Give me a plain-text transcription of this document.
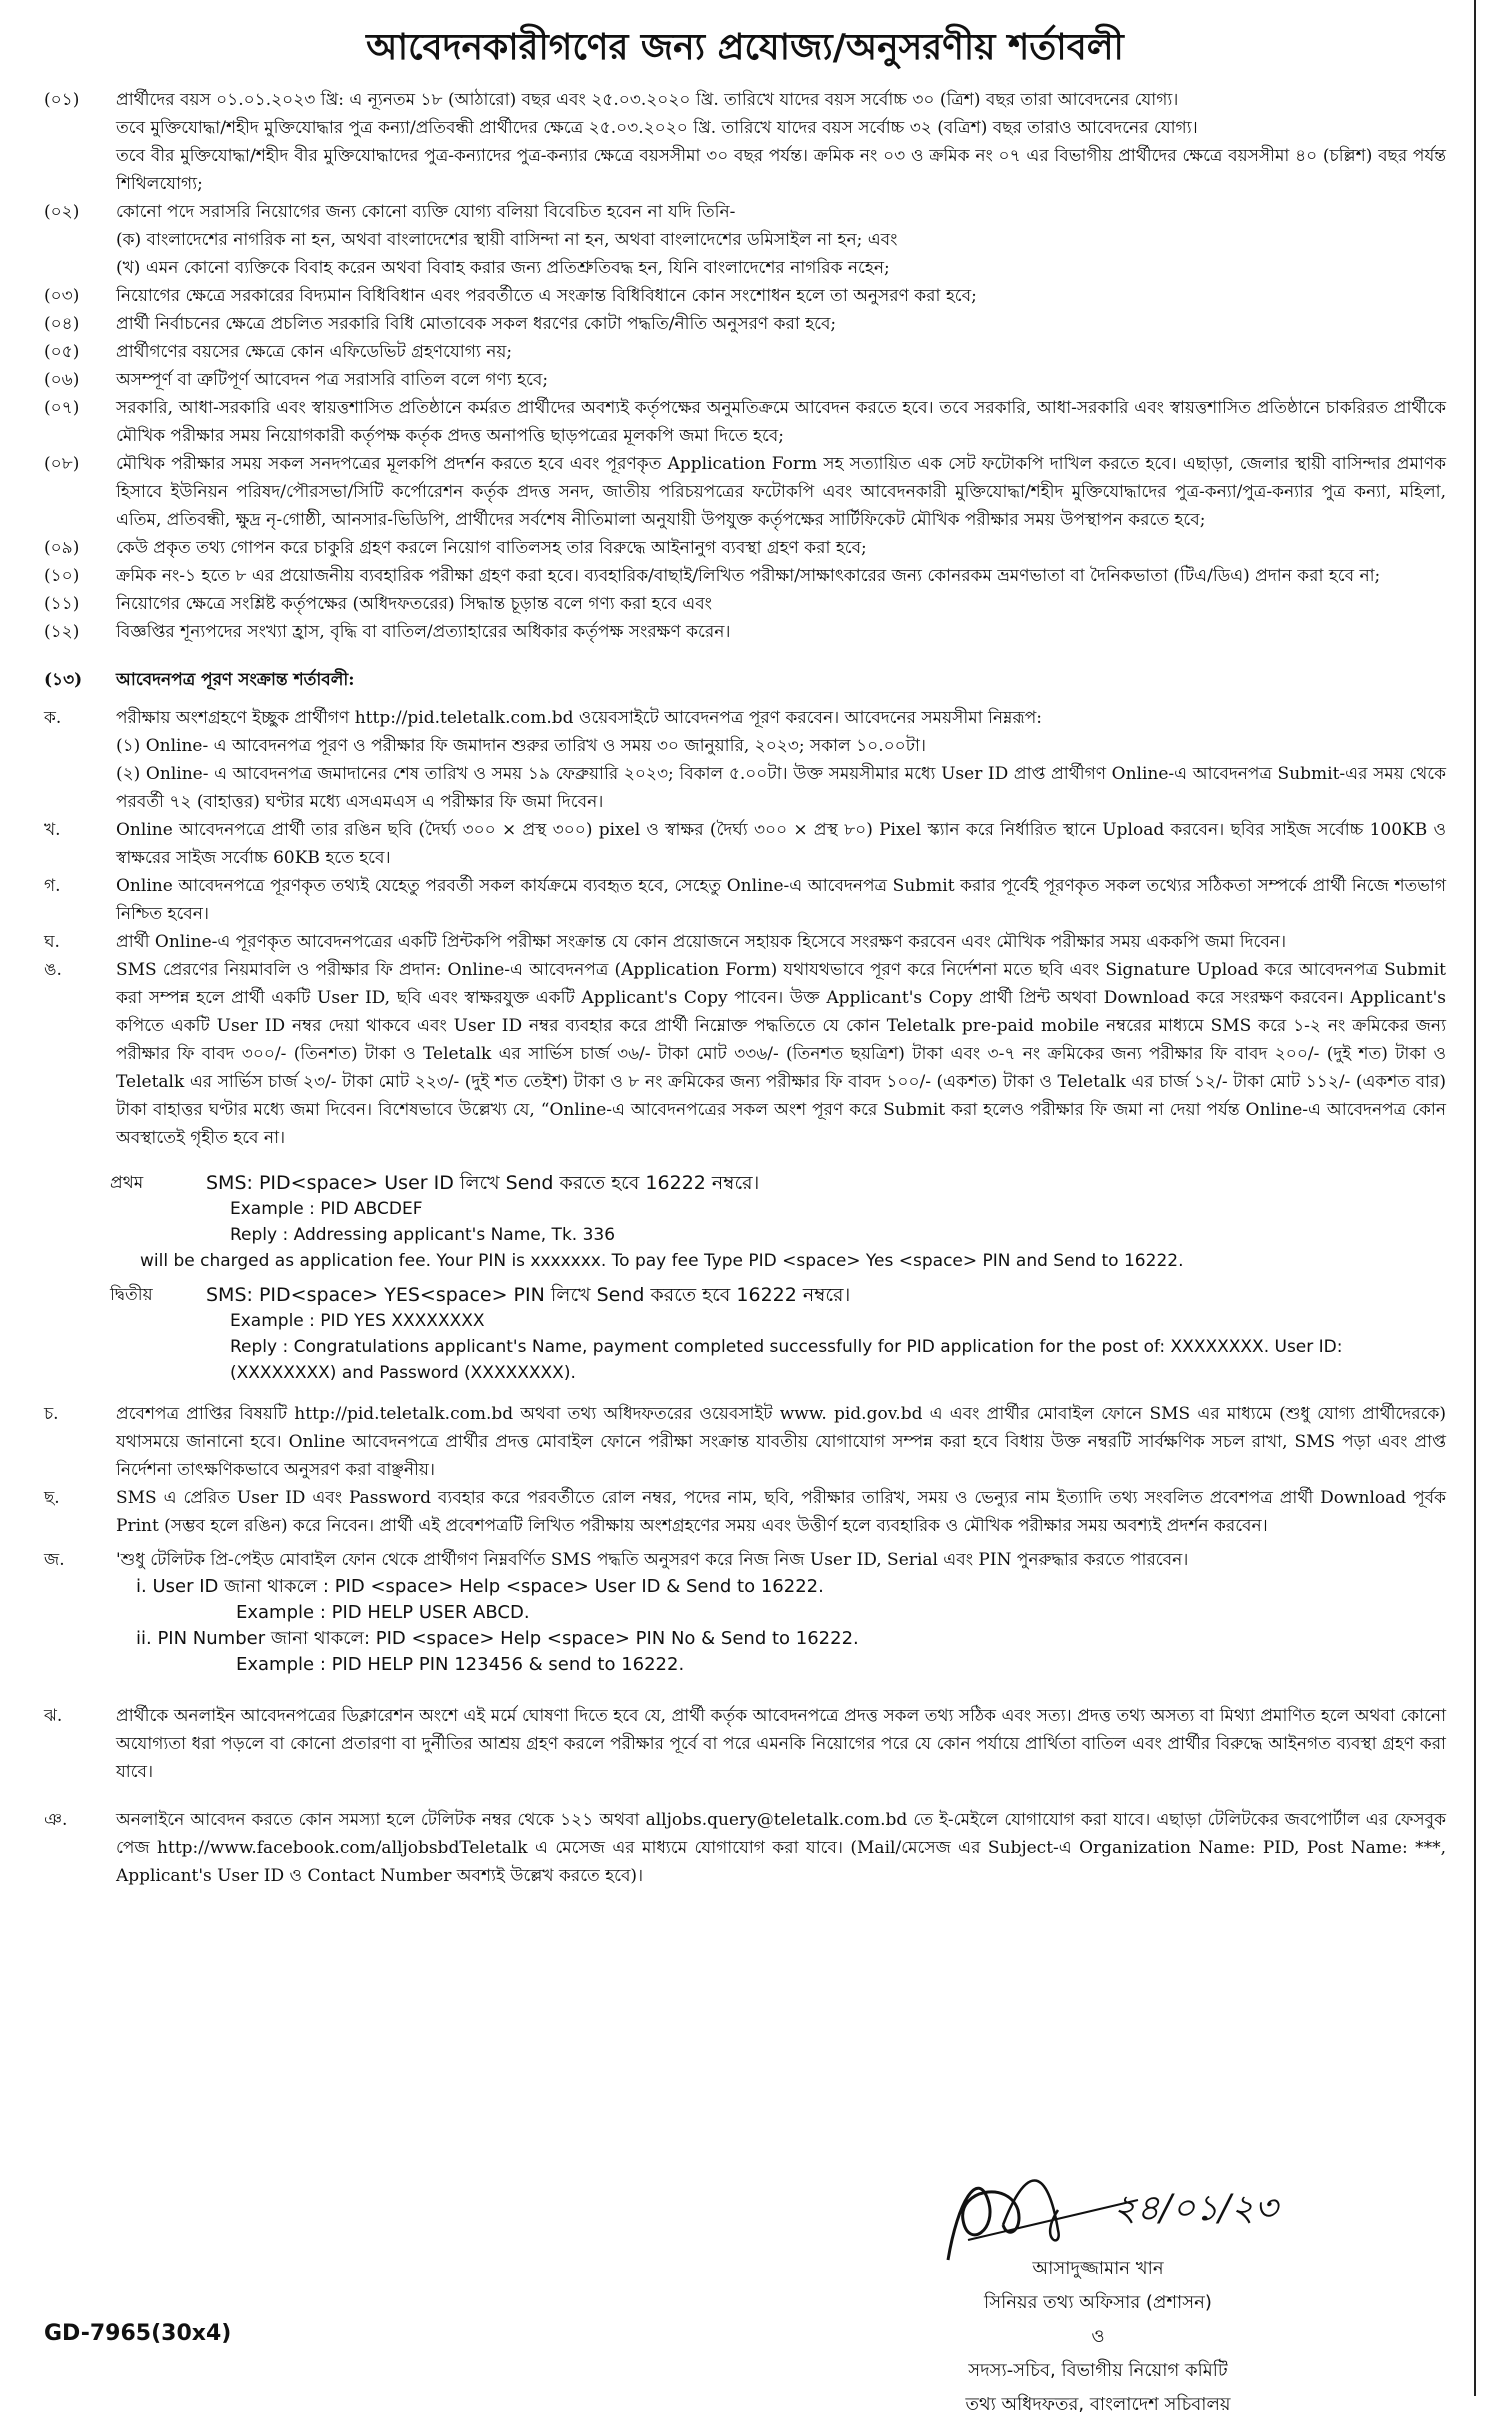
আবেদনকারীগণের জন্য প্রযোজ্য/অনুসরণীয় শর্তাবলী
(০১)	প্রার্থীদের বয়স ০১.০১.২০২৩ খ্রি: এ ন্যূনতম ১৮ (আঠারো) বছর এবং ২৫.০৩.২০২০ খ্রি. তারিখে যাদের বয়স সর্বোচ্চ ৩০ (ত্রিশ) বছর তারা আবেদনের যোগ্য।
তবে মুক্তিযোদ্ধা/শহীদ মুক্তিযোদ্ধার পুত্র কন্যা/প্রতিবন্ধী প্রার্থীদের ক্ষেত্রে ২৫.০৩.২০২০ খ্রি. তারিখে যাদের বয়স সর্বোচ্চ ৩২ (বত্রিশ) বছর তারাও আবেদনের যোগ্য।
তবে বীর মুক্তিযোদ্ধা/শহীদ বীর মুক্তিযোদ্ধাদের পুত্র-কন্যাদের পুত্র-কন্যার ক্ষেত্রে বয়সসীমা ৩০ বছর পর্যন্ত। ক্রমিক নং ০৩ ও ক্রমিক নং ০৭ এর বিভাগীয় প্রার্থীদের ক্ষেত্রে বয়সসীমা ৪০ (চল্লিশ) বছর পর্যন্ত শিথিলযোগ্য;
(০২)	কোনো পদে সরাসরি নিয়োগের জন্য কোনো ব্যক্তি যোগ্য বলিয়া বিবেচিত হবেন না যদি তিনি-
(ক) বাংলাদেশের নাগরিক না হন, অথবা বাংলাদেশের স্থায়ী বাসিন্দা না হন, অথবা বাংলাদেশের ডমিসাইল না হন; এবং
(খ) এমন কোনো ব্যক্তিকে বিবাহ করেন অথবা বিবাহ করার জন্য প্রতিশ্রুতিবদ্ধ হন, যিনি বাংলাদেশের নাগরিক নহেন;
(০৩)	নিয়োগের ক্ষেত্রে সরকারের বিদ্যমান বিধিবিধান এবং পরবর্তীতে এ সংক্রান্ত বিধিবিধানে কোন সংশোধন হলে তা অনুসরণ করা হবে;
(০৪)	প্রার্থী নির্বাচনের ক্ষেত্রে প্রচলিত সরকারি বিধি মোতাবেক সকল ধরণের কোটা পদ্ধতি/নীতি অনুসরণ করা হবে;
(০৫)	প্রার্থীগণের বয়সের ক্ষেত্রে কোন এফিডেভিট গ্রহণযোগ্য নয়;
(০৬)	অসম্পূর্ণ বা ত্রুটিপূর্ণ আবেদন পত্র সরাসরি বাতিল বলে গণ্য হবে;
(০৭)	সরকারি, আধা-সরকারি এবং স্বায়ত্তশাসিত প্রতিষ্ঠানে কর্মরত প্রার্থীদের অবশ্যই কর্তৃপক্ষের অনুমতিক্রমে আবেদন করতে হবে। তবে সরকারি, আধা-সরকারি এবং স্বায়ত্তশাসিত প্রতিষ্ঠানে চাকরিরত প্রার্থীকে মৌখিক পরীক্ষার সময় নিয়োগকারী কর্তৃপক্ষ কর্তৃক প্রদত্ত অনাপত্তি ছাড়পত্রের মূলকপি জমা দিতে হবে;
(০৮)	মৌখিক পরীক্ষার সময় সকল সনদপত্রের মূলকপি প্রদর্শন করতে হবে এবং পূরণকৃত Application Form সহ সত্যায়িত এক সেট ফটোকপি দাখিল করতে হবে। এছাড়া, জেলার স্থায়ী বাসিন্দার প্রমাণক হিসাবে ইউনিয়ন পরিষদ/পৌরসভা/সিটি কর্পোরেশন কর্তৃক প্রদত্ত সনদ, জাতীয় পরিচয়পত্রের ফটোকপি এবং আবেদনকারী মুক্তিযোদ্ধা/শহীদ মুক্তিযোদ্ধাদের পুত্র-কন্যা/পুত্র-কন্যার পুত্র কন্যা, মহিলা, এতিম, প্রতিবন্ধী, ক্ষুদ্র নৃ-গোষ্ঠী, আনসার-ভিডিপি, প্রার্থীদের সর্বশেষ নীতিমালা অনুযায়ী উপযুক্ত কর্তৃপক্ষের সার্টিফিকেট মৌখিক পরীক্ষার সময় উপস্থাপন করতে হবে;
(০৯)	কেউ প্রকৃত তথ্য গোপন করে চাকুরি গ্রহণ করলে নিয়োগ বাতিলসহ তার বিরুদ্ধে আইনানুগ ব্যবস্থা গ্রহণ করা হবে;
(১০)	ক্রমিক নং-১ হতে ৮ এর প্রয়োজনীয় ব্যবহারিক পরীক্ষা গ্রহণ করা হবে। ব্যবহারিক/বাছাই/লিখিত পরীক্ষা/সাক্ষাৎকারের জন্য কোনরকম ভ্রমণভাতা বা দৈনিকভাতা (টিএ/ডিএ) প্রদান করা হবে না;
(১১)	নিয়োগের ক্ষেত্রে সংশ্লিষ্ট কর্তৃপক্ষের (অধিদফতরের) সিদ্ধান্ত চূড়ান্ত বলে গণ্য করা হবে এবং
(১২)	বিজ্ঞপ্তির শূন্যপদের সংখ্যা হ্রাস, বৃদ্ধি বা বাতিল/প্রত্যাহারের অধিকার কর্তৃপক্ষ সংরক্ষণ করেন।
(১৩)	আবেদনপত্র পূরণ সংক্রান্ত শর্তাবলী:
ক.	পরীক্ষায় অংশগ্রহণে ইচ্ছুক প্রার্থীগণ http://pid.teletalk.com.bd ওয়েবসাইটে আবেদনপত্র পূরণ করবেন। আবেদনের সময়সীমা নিম্নরূপ:
(১) Online- এ আবেদনপত্র পূরণ ও পরীক্ষার ফি জমাদান শুরুর তারিখ ও সময় ৩০ জানুয়ারি, ২০২৩; সকাল ১০.০০টা।
(২) Online- এ আবেদনপত্র জমাদানের শেষ তারিখ ও সময় ১৯ ফেব্রুয়ারি ২০২৩; বিকাল ৫.০০টা। উক্ত সময়সীমার মধ্যে User ID প্রাপ্ত প্রার্থীগণ Online-এ আবেদনপত্র Submit-এর সময় থেকে পরবর্তী ৭২ (বাহাত্তর) ঘণ্টার মধ্যে এসএমএস এ পরীক্ষার ফি জমা দিবেন।
খ.	Online আবেদনপত্রে প্রার্থী তার রঙিন ছবি (দৈর্ঘ্য ৩০০ × প্রস্থ ৩০০) pixel ও স্বাক্ষর (দৈর্ঘ্য ৩০০ × প্রস্থ ৮০) Pixel স্ক্যান করে নির্ধারিত স্থানে Upload করবেন। ছবির সাইজ সর্বোচ্চ 100KB ও স্বাক্ষরের সাইজ সর্বোচ্চ 60KB হতে হবে।
গ.	Online আবেদনপত্রে পূরণকৃত তথ্যই যেহেতু পরবর্তী সকল কার্যক্রমে ব্যবহৃত হবে, সেহেতু Online-এ আবেদনপত্র Submit করার পূর্বেই পূরণকৃত সকল তথ্যের সঠিকতা সম্পর্কে প্রার্থী নিজে শতভাগ নিশ্চিত হবেন।
ঘ.	প্রার্থী Online-এ পূরণকৃত আবেদনপত্রের একটি প্রিন্টকপি পরীক্ষা সংক্রান্ত যে কোন প্রয়োজনে সহায়ক হিসেবে সংরক্ষণ করবেন এবং মৌখিক পরীক্ষার সময় এককপি জমা দিবেন।
ঙ.	SMS প্রেরণের নিয়মাবলি ও পরীক্ষার ফি প্রদান: Online-এ আবেদনপত্র (Application Form) যথাযথভাবে পূরণ করে নির্দেশনা মতে ছবি এবং Signature Upload করে আবেদনপত্র Submit করা সম্পন্ন হলে প্রার্থী একটি User ID, ছবি এবং স্বাক্ষরযুক্ত একটি Applicant's Copy পাবেন। উক্ত Applicant's Copy প্রার্থী প্রিন্ট অথবা Download করে সংরক্ষণ করবেন। Applicant's কপিতে একটি User ID নম্বর দেয়া থাকবে এবং User ID নম্বর ব্যবহার করে প্রার্থী নিম্নোক্ত পদ্ধতিতে যে কোন Teletalk pre-paid mobile নম্বরের মাধ্যমে SMS করে ১-২ নং ক্রমিকের জন্য পরীক্ষার ফি বাবদ ৩০০/- (তিনশত) টাকা ও Teletalk এর সার্ভিস চার্জ ৩৬/- টাকা মোট ৩৩৬/- (তিনশত ছয়ত্রিশ) টাকা এবং ৩-৭ নং ক্রমিকের জন্য পরীক্ষার ফি বাবদ ২০০/- (দুই শত) টাকা ও Teletalk এর সার্ভিস চার্জ ২৩/- টাকা মোট ২২৩/- (দুই শত তেইশ) টাকা ও ৮ নং ক্রমিকের জন্য পরীক্ষার ফি বাবদ ১০০/- (একশত) টাকা ও Teletalk এর চার্জ ১২/- টাকা মোট ১১২/- (একশত বার) টাকা বাহাত্তর ঘণ্টার মধ্যে জমা দিবেন। বিশেষভাবে উল্লেখ্য যে, “Online-এ আবেদনপত্রের সকল অংশ পূরণ করে Submit করা হলেও পরীক্ষার ফি জমা না দেয়া পর্যন্ত Online-এ আবেদনপত্র কোন অবস্থাতেই গৃহীত হবে না।
প্রথম	SMS: PID<space> User ID লিখে Send করতে হবে 16222 নম্বরে।
Example : PID ABCDEF
Reply : Addressing applicant's Name, Tk. 336
will be charged as application fee. Your PIN is xxxxxxx. To pay fee Type PID <space> Yes <space> PIN and Send to 16222.
দ্বিতীয়	SMS: PID<space> YES<space> PIN লিখে Send করতে হবে 16222 নম্বরে।
Example : PID YES XXXXXXXX
Reply : Congratulations applicant's Name, payment completed successfully for PID application for the post of: XXXXXXXX. User ID: (XXXXXXXX) and Password (XXXXXXXX).
চ.	প্রবেশপত্র প্রাপ্তির বিষয়টি http://pid.teletalk.com.bd অথবা তথ্য অধিদফতরের ওয়েবসাইট www. pid.gov.bd এ এবং প্রার্থীর মোবাইল ফোনে SMS এর মাধ্যমে (শুধু যোগ্য প্রার্থীদেরকে) যথাসময়ে জানানো হবে। Online আবেদনপত্রে প্রার্থীর প্রদত্ত মোবাইল ফোনে পরীক্ষা সংক্রান্ত যাবতীয় যোগাযোগ সম্পন্ন করা হবে বিধায় উক্ত নম্বরটি সার্বক্ষণিক সচল রাখা, SMS পড়া এবং প্রাপ্ত নির্দেশনা তাৎক্ষণিকভাবে অনুসরণ করা বাঞ্ছনীয়।
ছ.	SMS এ প্রেরিত User ID এবং Password ব্যবহার করে পরবর্তীতে রোল নম্বর, পদের নাম, ছবি, পরীক্ষার তারিখ, সময় ও ভেন্যুর নাম ইত্যাদি তথ্য সংবলিত প্রবেশপত্র প্রার্থী Download পূর্বক Print (সম্ভব হলে রঙিন) করে নিবেন। প্রার্থী এই প্রবেশপত্রটি লিখিত পরীক্ষায় অংশগ্রহণের সময় এবং উত্তীর্ণ হলে ব্যবহারিক ও মৌখিক পরীক্ষার সময় অবশ্যই প্রদর্শন করবেন।
জ.	'শুধু টেলিটক প্রি-পেইড মোবাইল ফোন থেকে প্রার্থীগণ নিম্নবর্ণিত SMS পদ্ধতি অনুসরণ করে নিজ নিজ User ID, Serial এবং PIN পুনরুদ্ধার করতে পারবেন।
i. User ID জানা থাকলে : PID <space> Help <space> User ID & Send to 16222.
Example : PID HELP USER ABCD.
ii. PIN Number জানা থাকলে: PID <space> Help <space> PIN No & Send to 16222.
Example : PID HELP PIN 123456 & send to 16222.
ঝ.	প্রার্থীকে অনলাইন আবেদনপত্রের ডিক্লারেশন অংশে এই মর্মে ঘোষণা দিতে হবে যে, প্রার্থী কর্তৃক আবেদনপত্রে প্রদত্ত সকল তথ্য সঠিক এবং সত্য। প্রদত্ত তথ্য অসত্য বা মিথ্যা প্রমাণিত হলে অথবা কোনো অযোগ্যতা ধরা পড়লে বা কোনো প্রতারণা বা দুর্নীতির আশ্রয় গ্রহণ করলে পরীক্ষার পূর্বে বা পরে এমনকি নিয়োগের পরে যে কোন পর্যায়ে প্রার্থিতা বাতিল এবং প্রার্থীর বিরুদ্ধে আইনগত ব্যবস্থা গ্রহণ করা যাবে।
ঞ.	অনলাইনে আবেদন করতে কোন সমস্যা হলে টেলিটক নম্বর থেকে ১২১ অথবা alljobs.query@teletalk.com.bd তে ই-মেইলে যোগাযোগ করা যাবে। এছাড়া টেলিটকের জবপোর্টাল এর ফেসবুক পেজ http://www.facebook.com/alljobsbdTeletalk এ মেসেজ এর মাধ্যমে যোগাযোগ করা যাবে। (Mail/মেসেজ এর Subject-এ Organization Name: PID, Post Name: ***, Applicant's User ID ও Contact Number অবশ্যই উল্লেখ করতে হবে)।
২৪/০১/২৩
আসাদুজ্জামান খান
সিনিয়র তথ্য অফিসার (প্রশাসন)
ও
সদস্য-সচিব, বিভাগীয় নিয়োগ কমিটি
তথ্য অধিদফতর, বাংলাদেশ সচিবালয়
GD-7965(30x4)
